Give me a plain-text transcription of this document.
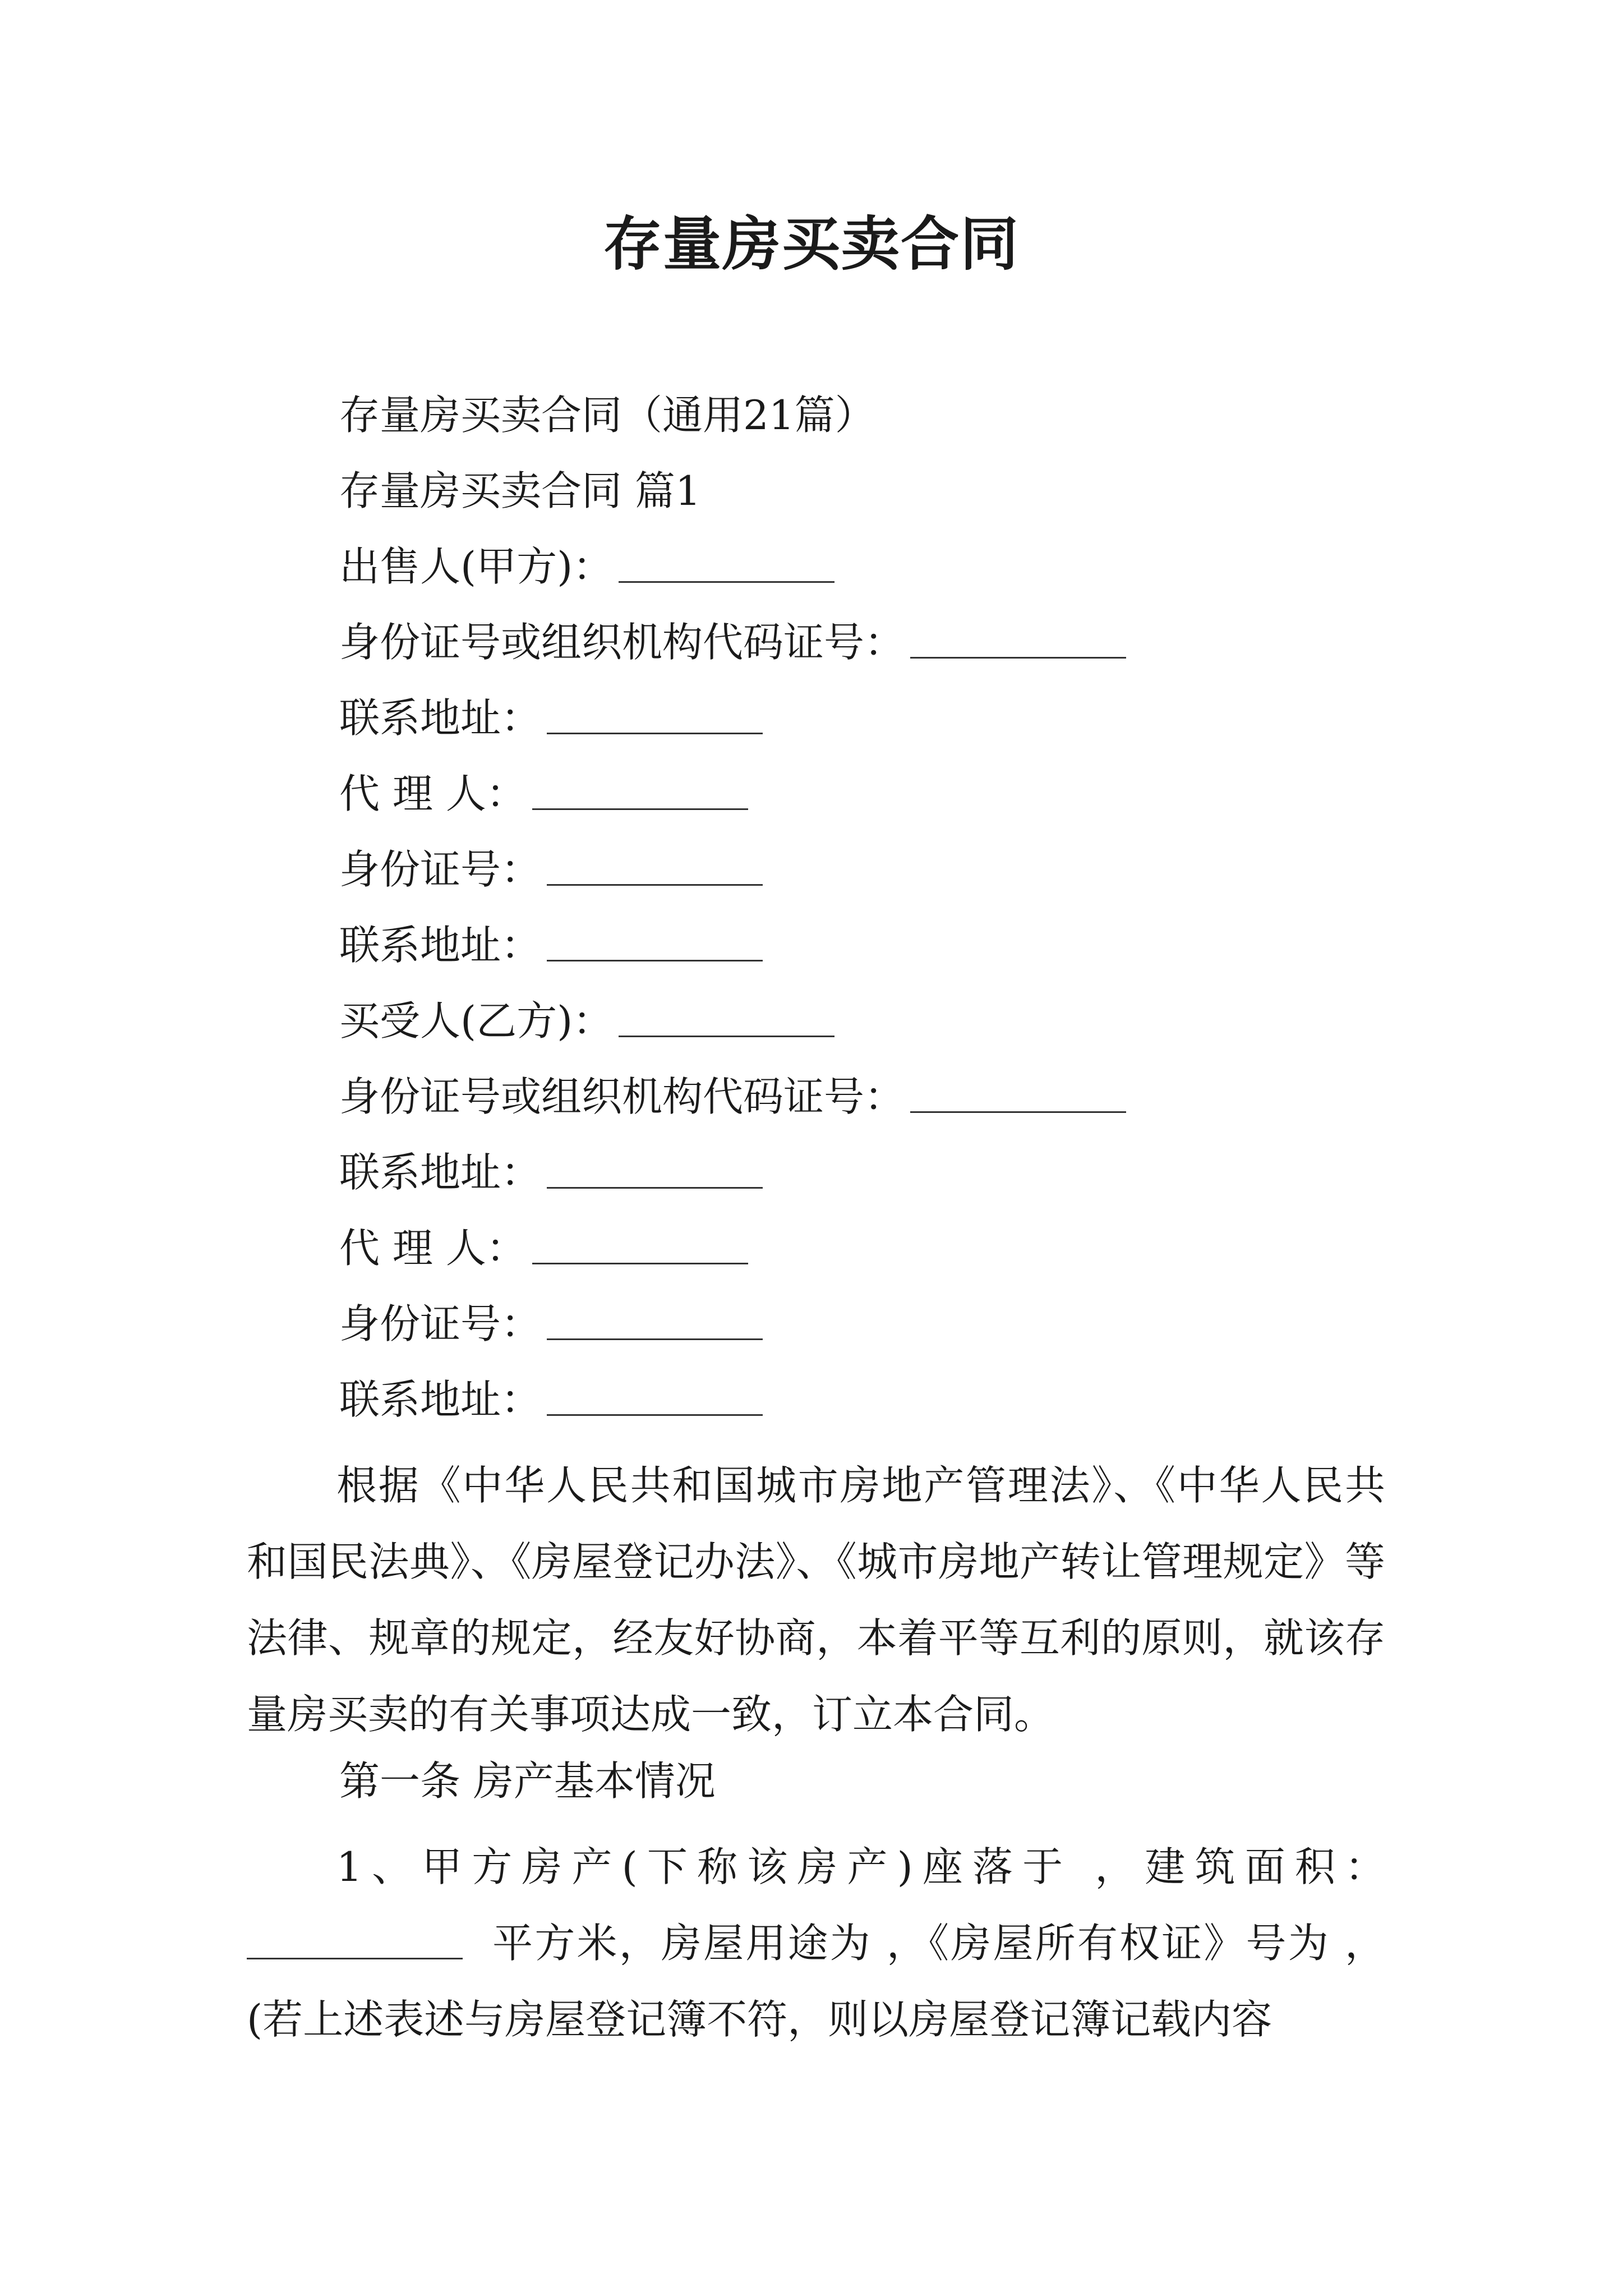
存量房买卖合同
存量房买卖合同（通用21篇）
存量房买卖合同 篇1
出售人(甲方)：
身份证号或组织机构代码证号：
联系地址：
代 理 人：
身份证号：
联系地址：
买受人(乙方)：
身份证号或组织机构代码证号：
联系地址：
代 理 人：
身份证号：
联系地址：

根据《中华人民共和国城市房地产管理法》、《中华人民共和国民法典》、《房屋登记办法》、《城市房地产转让管理规定》等法律、规章的规定，经友好协商，本着平等互利的原则，就该存量房买卖的有关事项达成一致，订立本合同。

第一条 房产基本情况

1、甲方房产(下称该房产)座落于 ，建筑面积：平方米，房屋用途为 ，《房屋所有权证》号为 ，(若上述表述与房屋登记簿不符，则以房屋登记簿记载内容
